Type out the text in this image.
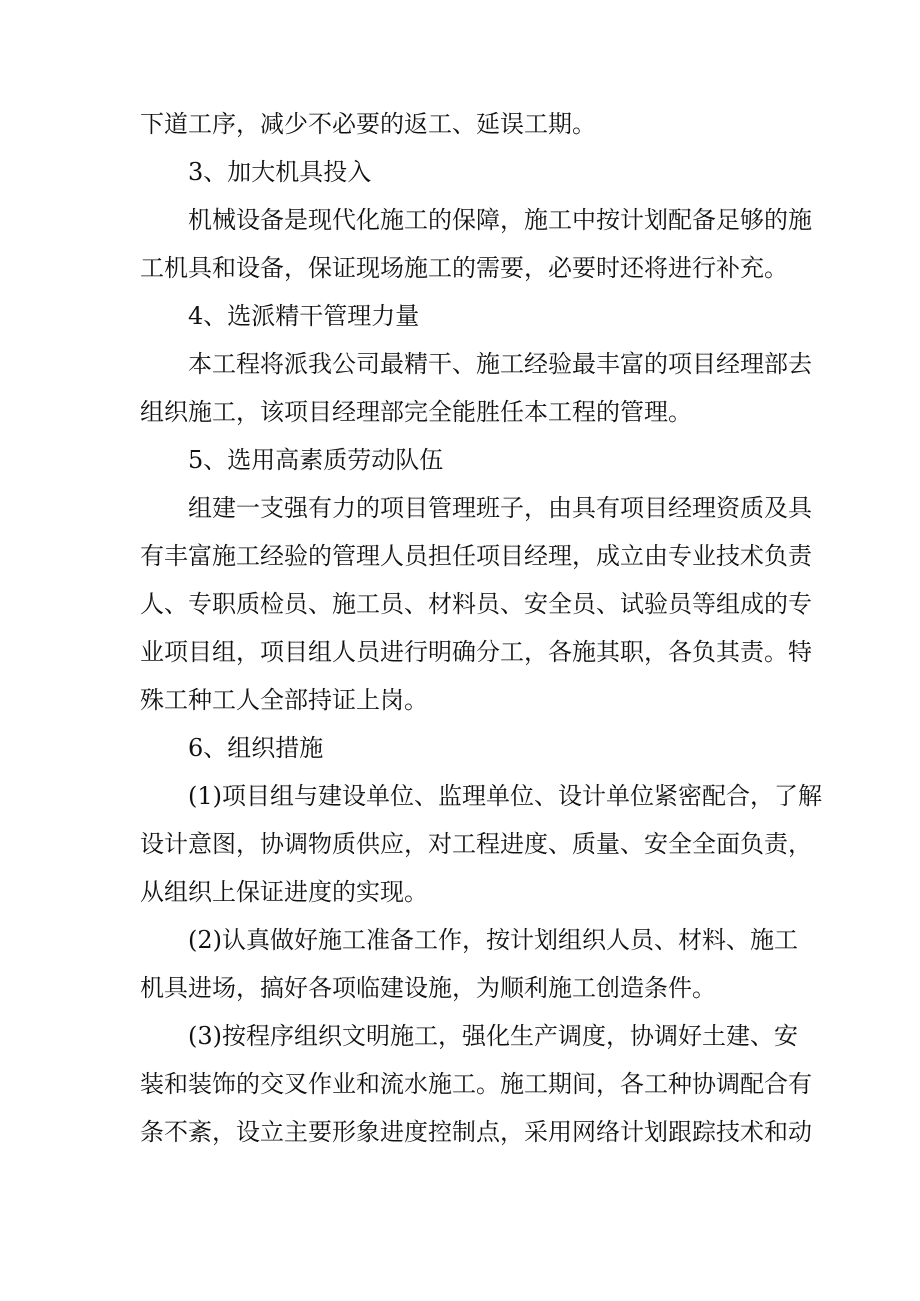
下道工序，减少不必要的返工、延误工期。
3、加大机具投入
机械设备是现代化施工的保障，施工中按计划配备足够的施
工机具和设备，保证现场施工的需要，必要时还将进行补充。
4、选派精干管理力量
本工程将派我公司最精干、施工经验最丰富的项目经理部去
组织施工，该项目经理部完全能胜任本工程的管理。
5、选用高素质劳动队伍
组建一支强有力的项目管理班子，由具有项目经理资质及具
有丰富施工经验的管理人员担任项目经理，成立由专业技术负责
人、专职质检员、施工员、材料员、安全员、试验员等组成的专
业项目组，项目组人员进行明确分工，各施其职，各负其责。特
殊工种工人全部持证上岗。
6、组织措施
(1)项目组与建设单位、监理单位、设计单位紧密配合，了解
设计意图，协调物质供应，对工程进度、质量、安全全面负责，
从组织上保证进度的实现。
(2)认真做好施工准备工作，按计划组织人员、材料、施工
机具进场，搞好各项临建设施，为顺利施工创造条件。
(3)按程序组织文明施工，强化生产调度，协调好土建、安
装和装饰的交叉作业和流水施工。施工期间，各工种协调配合有
条不紊，设立主要形象进度控制点，采用网络计划跟踪技术和动
